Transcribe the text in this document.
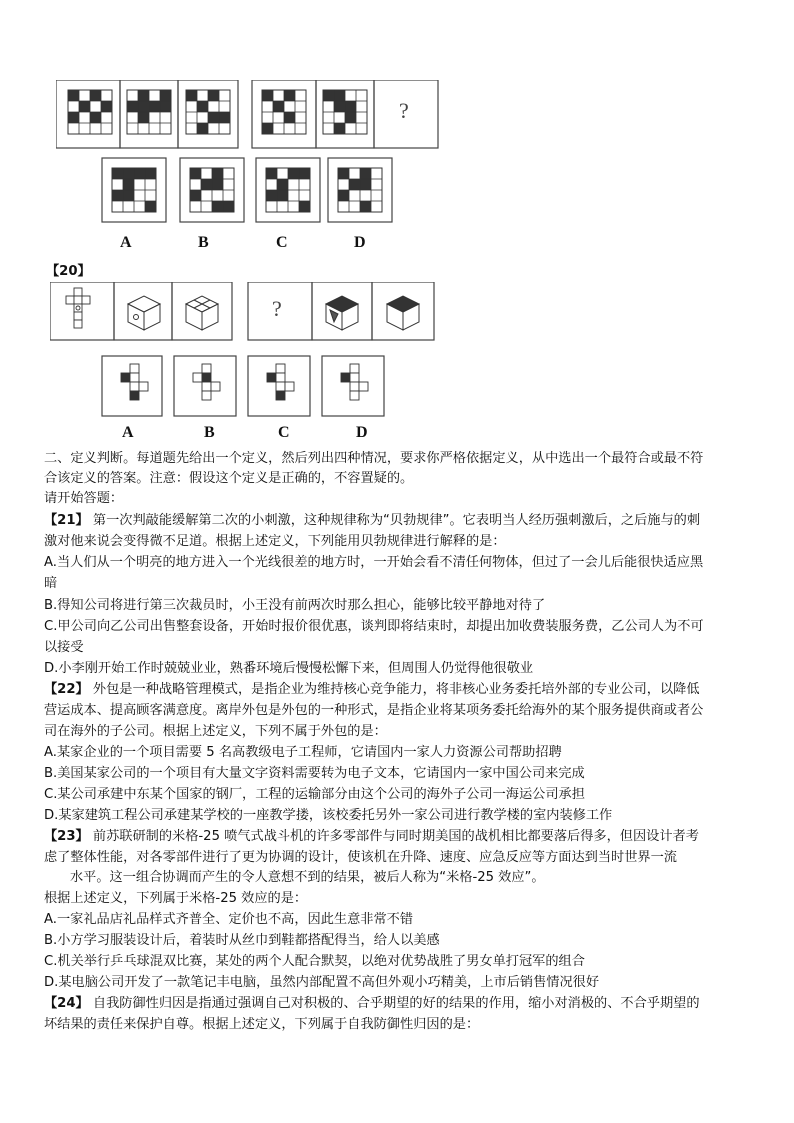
?
A	B	C	D
【20】
?
A	B	C	D
二、定义判断。每道题先给出一个定义，然后列出四种情况，要求你严格依据定义，从中选出一个最符合或最不符
合该定义的答案。注意：假设这个定义是正确的，不容置疑的。
请开始答题：
【21】 第一次判敲能缓解第二次的小刺激，这种规律称为“贝勃规律”。它表明当人经历强刺激后，之后施与的刺
激对他来说会变得微不足道。根据上述定义，下列能用贝勃规律进行解释的是：
A.当人们从一个明亮的地方进入一个光线很差的地方时，一开始会看不清任何物体，但过了一会儿后能很快适应黑
暗
B.得知公司将进行第三次裁员时，小王没有前两次时那么担心，能够比较平静地对待了
C.甲公司向乙公司出售整套设备，开始时报价很优惠，谈判即将结束时，却提出加收费装服务费，乙公司人为不可
以接受
D.小李刚开始工作时兢兢业业，熟番环境后慢慢松懈下来，但周围人仍觉得他很敬业
【22】 外包是一种战略管理模式，是指企业为维持核心竞争能力，将非核心业务委托培外部的专业公司，以降低
营运成本、提高顾客满意度。离岸外包是外包的一种形式，是指企业将某项务委托给海外的某个服务提供商或者公
司在海外的子公司。根据上述定义，下列不属于外包的是：
A.某家企业的一个项目需要 5 名高教级电子工程师，它请国内一家人力资源公司帮助招聘
B.美国某家公司的一个项目有大量文字资料需要转为电子文本，它请国内一家中国公司来完成
C.某公司承建中东某个国家的钢厂，工程的运输部分由这个公司的海外子公司一海运公司承担
D.某家建筑工程公司承建某学校的一座教学搂，该校委托另外一家公司进行教学楼的室内装修工作
【23】 前苏联研制的米格-25 喷气式战斗机的许多零部件与同时期美国的战机相比都要落后得多，但因设计者考
虑了整体性能，对各零部件进行了更为协调的设计，使该机在升降、速度、应急反应等方面达到当时世界一流
水平。这一组合协调而产生的令人意想不到的结果，被后人称为“米格-25 效应”。
根据上述定义，下列属于米格-25 效应的是：
A.一家礼品店礼品样式齐普全、定价也不高，因此生意非常不错
B.小方学习服装设计后，着装时从丝巾到鞋都搭配得当，给人以美感
C.机关举行乒乓球混双比赛，某处的两个人配合默契，以绝对优势战胜了男女单打冠军的组合
D.某电脑公司开发了一款笔记丰电脑，虽然内部配置不高但外观小巧精美，上市后销售情况很好
【24】 自我防御性归因是指通过强调自己对积极的、合乎期望的好的结果的作用，缩小对消极的、不合乎期望的
坏结果的责任来保护自尊。根据上述定义，下列属于自我防御性归因的是：
